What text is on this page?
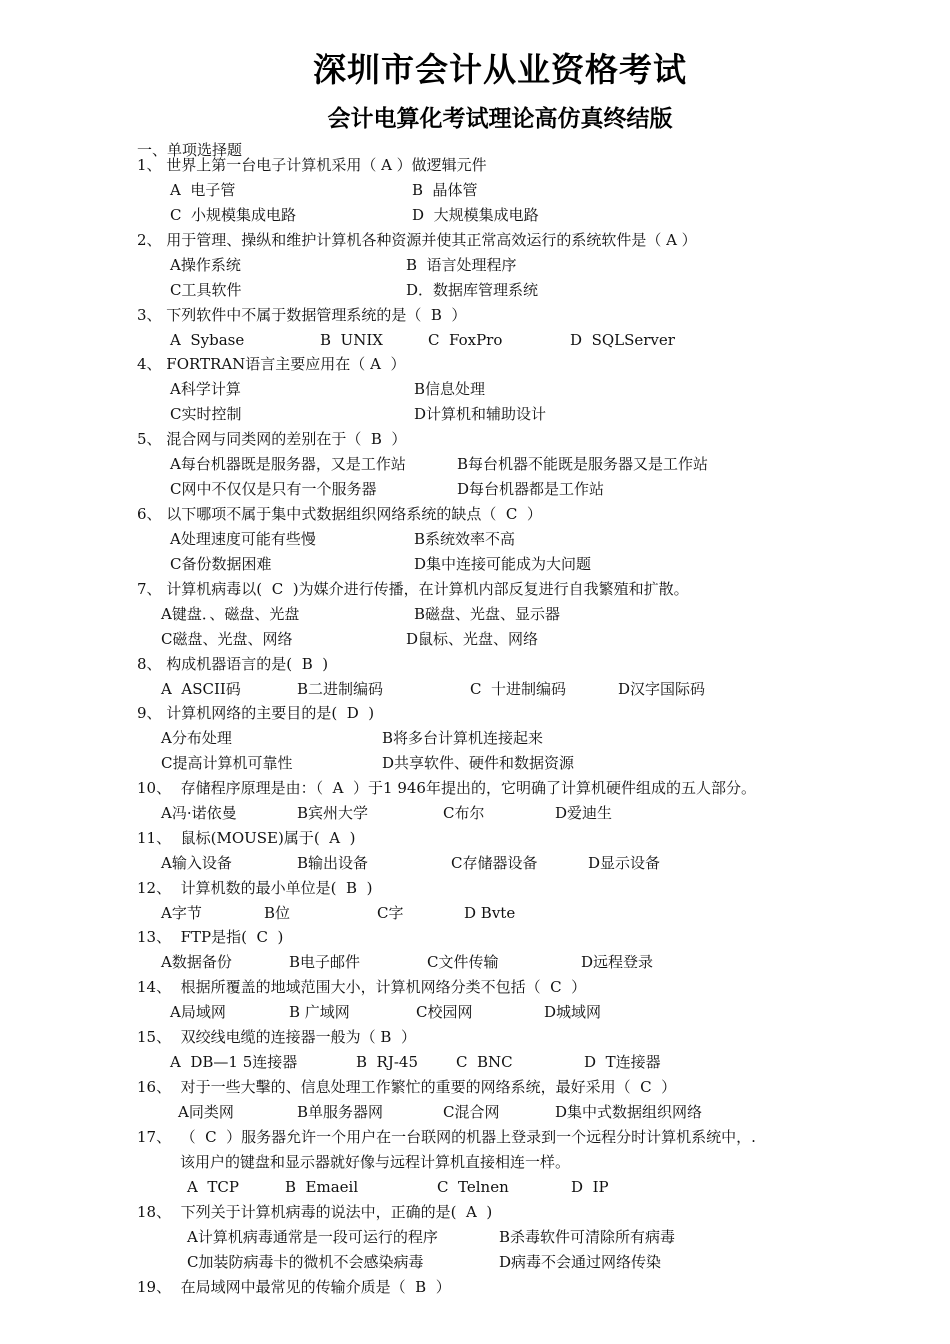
深圳市会计从业资格考试
会计电算化考试理论高仿真终结版
一、单项选择题
1、 世界上第一台电子计算机采用（ A ）做逻辑元件
A  电子管	B  晶体管
C  小规模集成电路	D  大规模集成电路
2、 用于管理、操纵和维护计算机各种资源并使其正常高效运行的系统软件是（ A ）
A操作系统	B  语言处理程序
C工具软件	D．数据库管理系统
3、 下列软件中不属于数据管理系统的是（  B  ）
A  Sybase	B  UNIX	C  FoxPro	D  SQLServer
4、 FORTRAN语言主要应用在（ A  ）
A科学计算	B信息处理
C实时控制	D计算机和辅助设计
5、 混合网与同类网的差别在于（  B  ）
A每台机器既是服务器，又是工作站	B每台机器不能既是服务器又是工作站
C网中不仅仅是只有一个服务器	D每台机器都是工作站
6、 以下哪项不属于集中式数据组织网络系统的缺点（  C  ）
A处理速度可能有些慢	B系统效率不高
C备份数据困难	D集中连接可能成为大问题
7、 计算机病毒以(  C  )为媒介进行传播，在计算机内部反复进行自我繁殖和扩散。
A键盘．、磁盘、光盘	B磁盘、光盘、显示器
C磁盘、光盘、网络	D鼠标、光盘、网络
8、 构成机器语言的是(  B  )
A  ASCII码	B二进制编码	C  十进制编码	D汉字国际码
9、 计算机网络的主要目的是(  D  )
A分布处理	B将多台计算机连接起来
C提高计算机可靠性	D共享软件、硬件和数据资源
10、  存储程序原理是由：（  A  ）于1 946年提出的，它明确了计算机硬件组成的五人部分。
A冯·诺依曼	B宾州大学	C布尔	D爱迪生
11、  鼠标(MOUSE)属于(  A  )
A输入设备	B输出设备	C存储器设备	D显示设备
12、  计算机数的最小单位是(  B  )
A字节	B位	C字	D Bvte
13、  FTP是指(  C  )
A数据备份	B电子邮件	C文件传输	D远程登录
14、  根据所覆盖的地域范围大小，计算机网络分类不包括（  C  ）
A局域网	B 广域网	C校园网	D城域网
15、  双绞线电缆的连接器一般为（ B  ）
A  DB—1 5连接器	B  RJ-45	C  BNC	D  T连接器
16、  对于一些大擊的、信息处理工作繁忙的重要的网络系统，最好采用（  C  ）
A同类网	B单服务器网	C混合网	D集中式数据组织网络
17、  （  C  ）服务器允许一个用户在一台联网的机器上登录到一个远程分时计算机系统中，.
该用户的键盘和显示器就好像与远程计算机直接相连一样。
A  TCP	B  Emaeil	C  Telnen	D  IP
18、  下列关于计算机病毒的说法中，正确的是(  A  )
A计算机病毒通常是一段可运行的程序	B杀毒软件可清除所有病毒
C加装防病毒卡的微机不会感染病毒	D病毒不会通过网络传染
19、  在局域网中最常见的传输介质是（  B  ）
